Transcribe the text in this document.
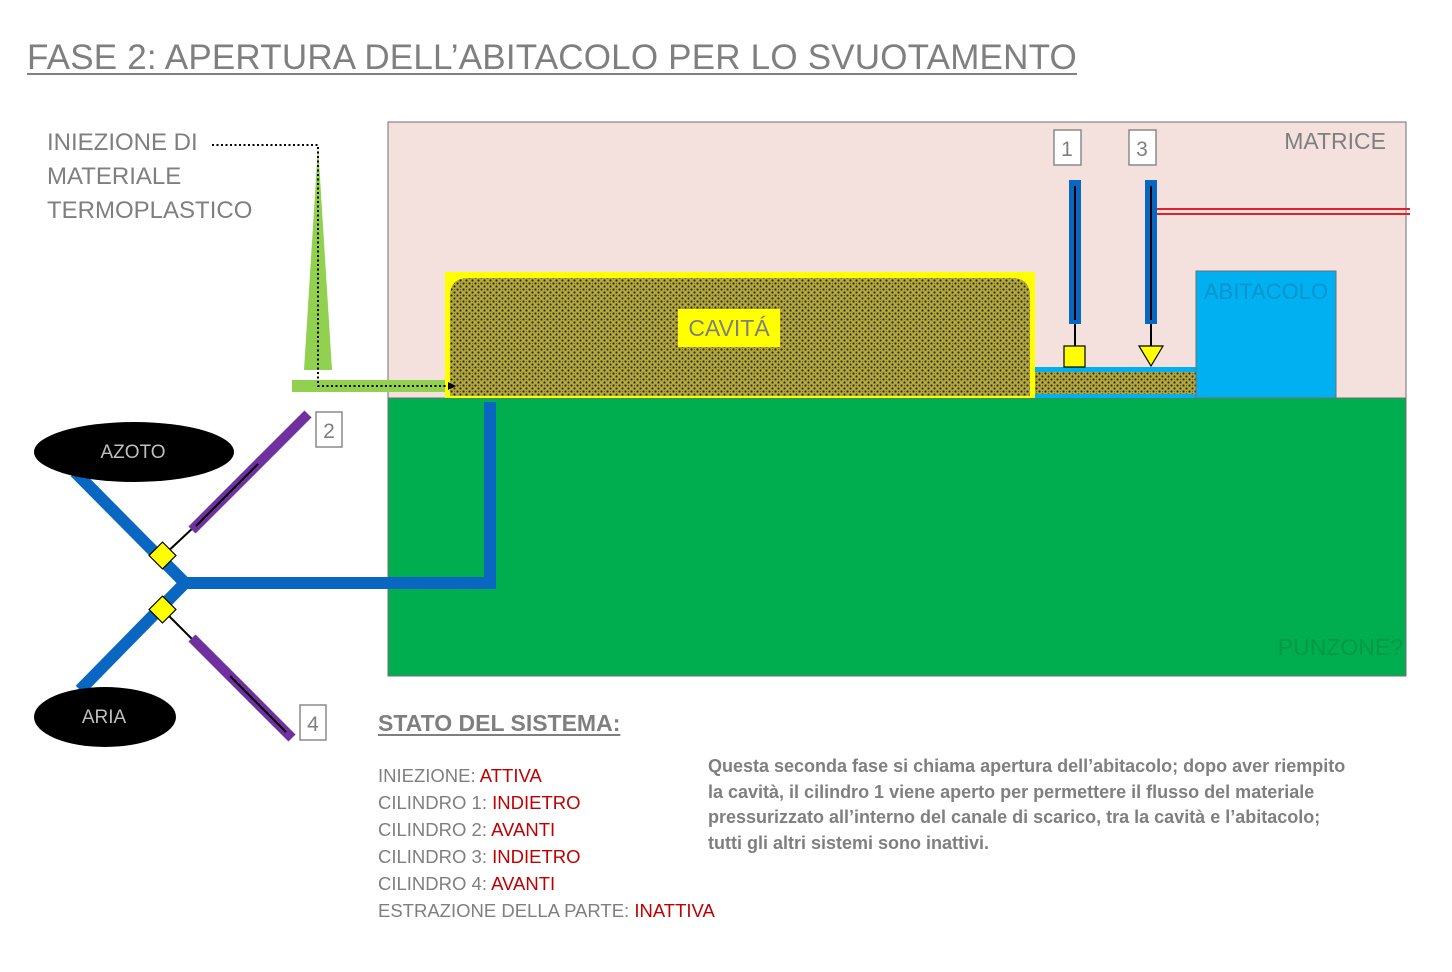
MATRICE
PUNZONE?
CAVITÁ
ABITACOLO
1	3
2
4
AZOTO
ARIA
FASE 2: APERTURA DELL’ABITACOLO PER LO SVUOTAMENTO
INIEZIONE DI MATERIALE TERMOPLASTICO
STATO DEL SISTEMA:
INIEZIONE: ATTIVA
CILINDRO 1: INDIETRO
CILINDRO 2: AVANTI
CILINDRO 3: INDIETRO
CILINDRO 4: AVANTI
ESTRAZIONE DELLA PARTE: INATTIVA
Questa seconda fase si chiama apertura dell’abitacolo; dopo aver riempito la cavità, il cilindro 1 viene aperto per permettere il flusso del materiale pressurizzato all’interno del canale di scarico, tra la cavità e l’abitacolo; tutti gli altri sistemi sono inattivi.
